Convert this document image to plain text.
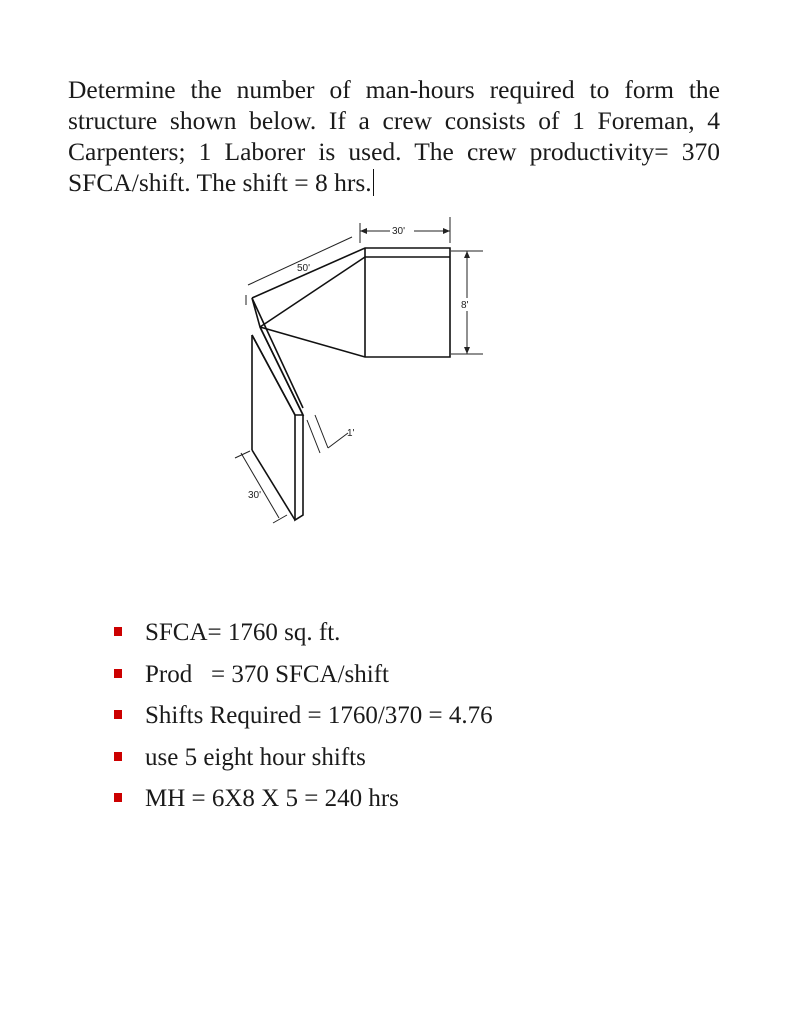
Determine the number of man-hours required to form the structure shown below. If a crew consists of 1 Foreman, 4 Carpenters; 1 Laborer is used. The crew productivity= 370 SFCA/shift. The shift = 8 hrs.
30'
50'
8'
1'
30'
SFCA= 1760 sq. ft.
Prod   = 370 SFCA/shift
Shifts Required = 1760/370 = 4.76
use 5 eight hour shifts
MH = 6X8 X 5 = 240 hrs
